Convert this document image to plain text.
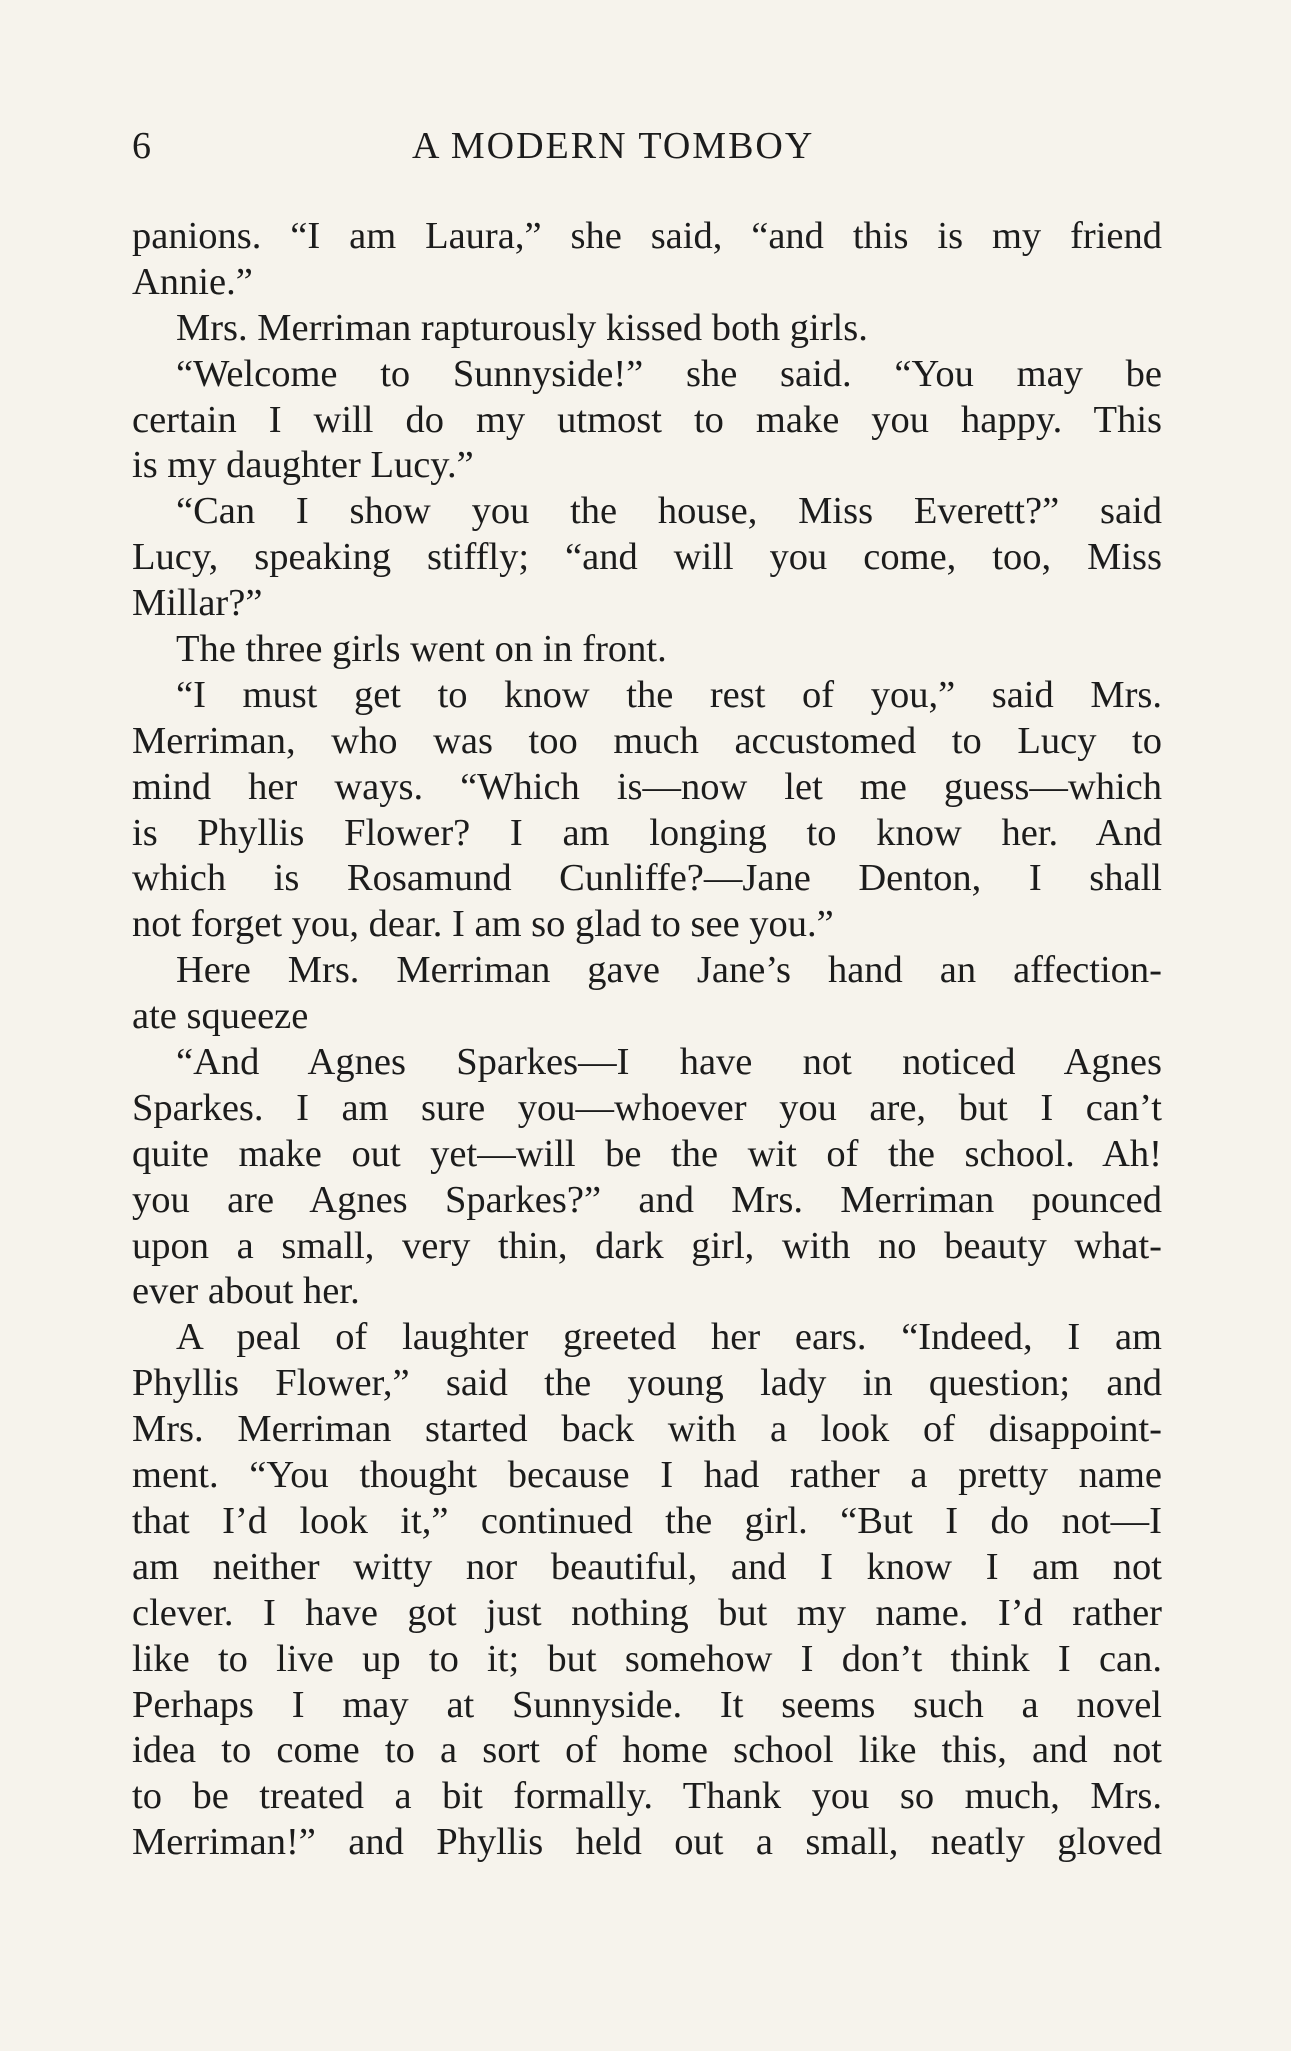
6	A MODERN TOMBOY
panions. “I am Laura,” she said, “and this is my friend
Annie.”
Mrs. Merriman rapturously kissed both girls.
“Welcome to Sunnyside!” she said. “You may be
certain I will do my utmost to make you happy. This
is my daughter Lucy.”
“Can I show you the house, Miss Everett?” said
Lucy, speaking stiffly; “and will you come, too, Miss
Millar?”
The three girls went on in front.
“I must get to know the rest of you,” said Mrs.
Merriman, who was too much accustomed to Lucy to
mind her ways. “Which is—now let me guess—which
is Phyllis Flower? I am longing to know her. And
which is Rosamund Cunliffe?—Jane Denton, I shall
not forget you, dear. I am so glad to see you.”
Here Mrs. Merriman gave Jane’s hand an affection-
ate squeeze
“And Agnes Sparkes—I have not noticed Agnes
Sparkes. I am sure you—whoever you are, but I can’t
quite make out yet—will be the wit of the school. Ah!
you are Agnes Sparkes?” and Mrs. Merriman pounced
upon a small, very thin, dark girl, with no beauty what-
ever about her.
A peal of laughter greeted her ears. “Indeed, I am
Phyllis Flower,” said the young lady in question; and
Mrs. Merriman started back with a look of disappoint-
ment. “You thought because I had rather a pretty name
that I’d look it,” continued the girl. “But I do not—I
am neither witty nor beautiful, and I know I am not
clever. I have got just nothing but my name. I’d rather
like to live up to it; but somehow I don’t think I can.
Perhaps I may at Sunnyside. It seems such a novel
idea to come to a sort of home school like this, and not
to be treated a bit formally. Thank you so much, Mrs.
Merriman!” and Phyllis held out a small, neatly gloved
